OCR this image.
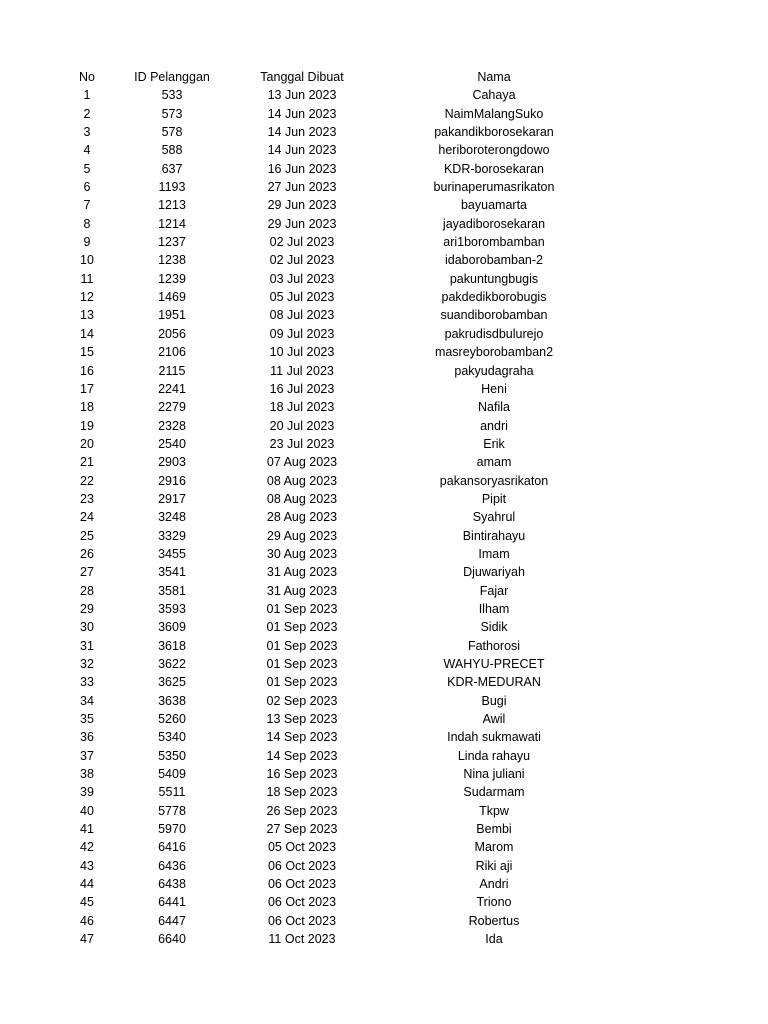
No	ID Pelanggan	Tanggal Dibuat	Nama
1	533	13 Jun 2023	Cahaya
2	573	14 Jun 2023	NaimMalangSuko
3	578	14 Jun 2023	pakandikborosekaran
4	588	14 Jun 2023	heriboroterongdowo
5	637	16 Jun 2023	KDR-borosekaran
6	1193	27 Jun 2023	burinaperumasrikaton
7	1213	29 Jun 2023	bayuamarta
8	1214	29 Jun 2023	jayadiborosekaran
9	1237	02 Jul 2023	ari1borombamban
10	1238	02 Jul 2023	idaborobamban-2
11	1239	03 Jul 2023	pakuntungbugis
12	1469	05 Jul 2023	pakdedikborobugis
13	1951	08 Jul 2023	suandiborobamban
14	2056	09 Jul 2023	pakrudisdbulurejo
15	2106	10 Jul 2023	masreyborobamban2
16	2115	11 Jul 2023	pakyudagraha
17	2241	16 Jul 2023	Heni
18	2279	18 Jul 2023	Nafila
19	2328	20 Jul 2023	andri
20	2540	23 Jul 2023	Erik
21	2903	07 Aug 2023	amam
22	2916	08 Aug 2023	pakansoryasrikaton
23	2917	08 Aug 2023	Pipit
24	3248	28 Aug 2023	Syahrul
25	3329	29 Aug 2023	Bintirahayu
26	3455	30 Aug 2023	Imam
27	3541	31 Aug 2023	Djuwariyah
28	3581	31 Aug 2023	Fajar
29	3593	01 Sep 2023	Ilham
30	3609	01 Sep 2023	Sidik
31	3618	01 Sep 2023	Fathorosi
32	3622	01 Sep 2023	WAHYU-PRECET
33	3625	01 Sep 2023	KDR-MEDURAN
34	3638	02 Sep 2023	Bugi
35	5260	13 Sep 2023	Awil
36	5340	14 Sep 2023	Indah sukmawati
37	5350	14 Sep 2023	Linda rahayu
38	5409	16 Sep 2023	Nina juliani
39	5511	18 Sep 2023	Sudarmam
40	5778	26 Sep 2023	Tkpw
41	5970	27 Sep 2023	Bembi
42	6416	05 Oct 2023	Marom
43	6436	06 Oct 2023	Riki aji
44	6438	06 Oct 2023	Andri
45	6441	06 Oct 2023	Triono
46	6447	06 Oct 2023	Robertus
47	6640	11 Oct 2023	Ida
